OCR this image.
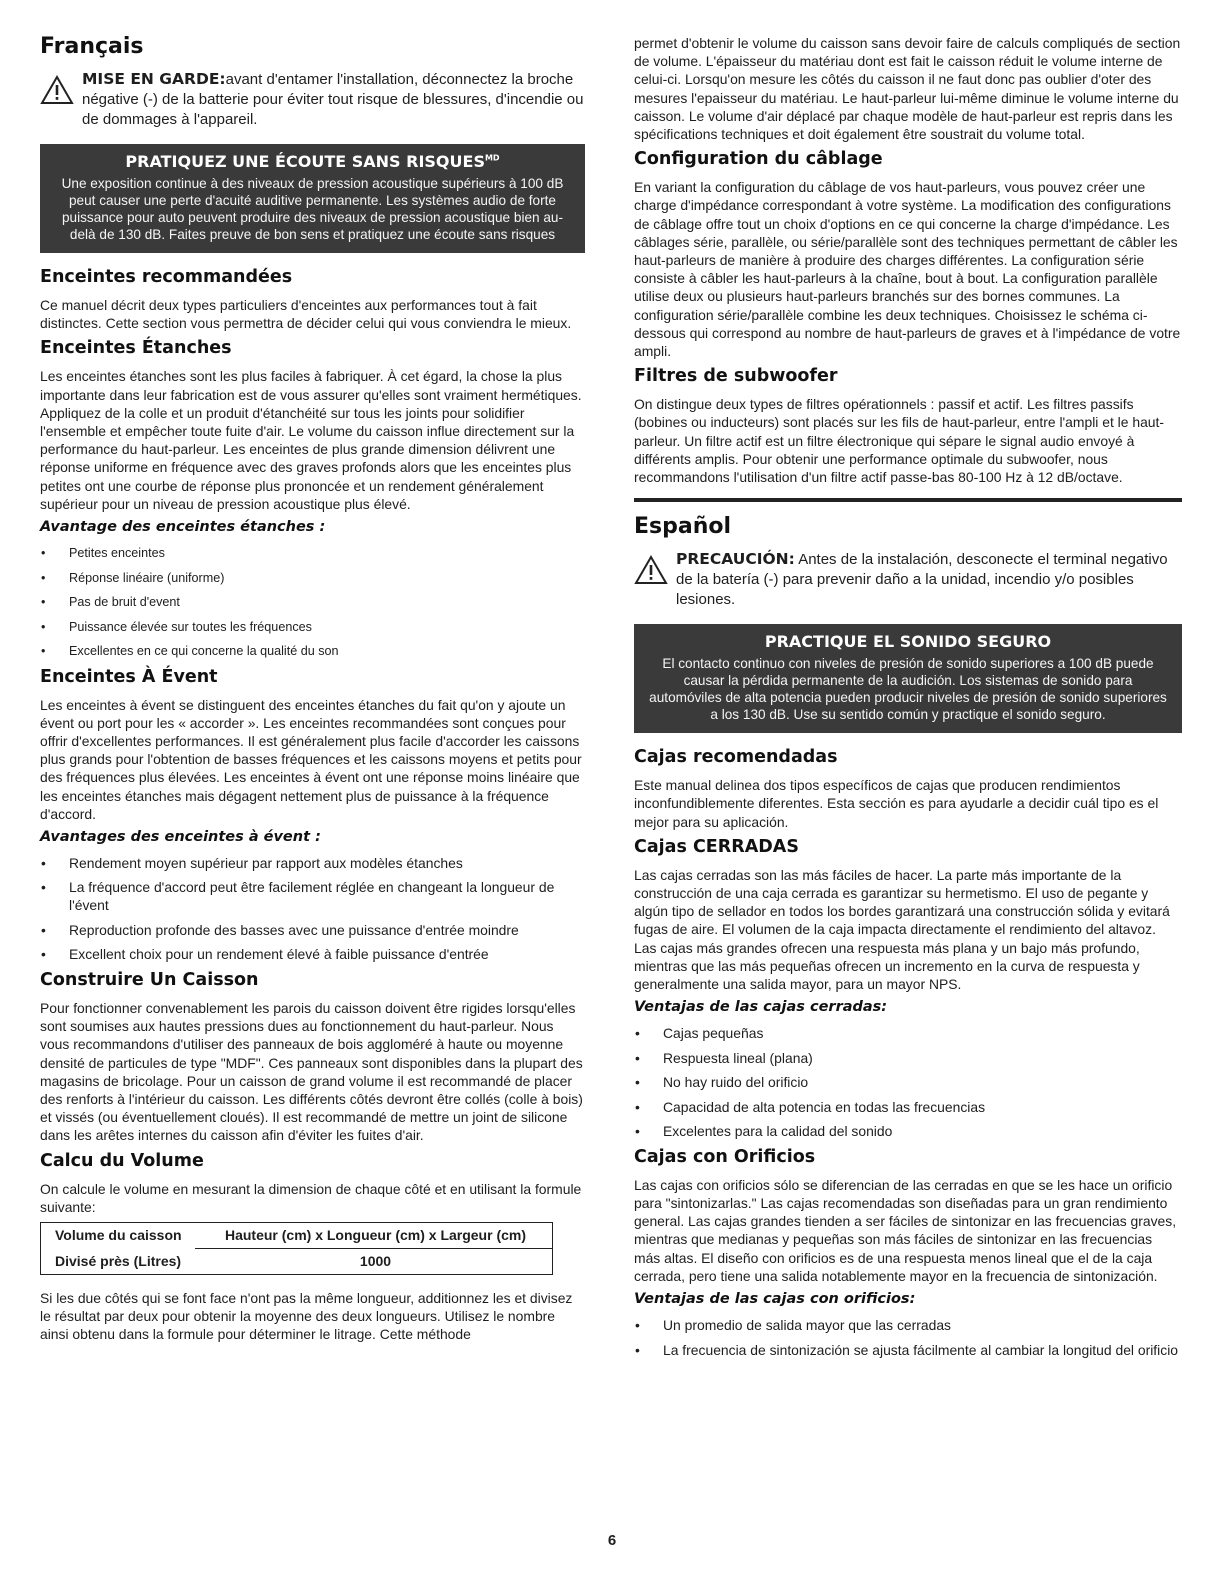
Français
MISE EN GARDE:avant d'entamer l'installation, déconnectez la broche négative (-) de la batterie pour éviter tout risque de blessures, d'incendie ou de dommages à l'appareil.
PRATIQUEZ UNE ÉCOUTE SANS $RISQUES^{MD}$
Une exposition continue à des niveaux de pression acoustique supérieurs à 100 dB peut causer une perte d'acuité auditive permanente. Les systèmes audio de forte puissance pour auto peuvent produire des niveaux de pression acoustique bien au-delà de 130 dB. Faites preuve de bon sens et pratiquez une écoute sans risques
Enceintes recommandées

Ce manuel décrit deux types particuliers d'enceintes aux performances tout à fait distinctes. Cette section vous permettra de décider celui qui vous conviendra le mieux.

Enceintes Étanches

Les enceintes étanches sont les plus faciles à fabriquer. À cet égard, la chose la plus importante dans leur fabrication est de vous assurer qu'elles sont vraiment hermétiques. Appliquez de la colle et un produit d'étanchéité sur tous les joints pour solidifier l'ensemble et empêcher toute fuite d'air. Le volume du caisson influe directement sur la performance du haut-parleur. Les enceintes de plus grande dimension délivrent une réponse uniforme en fréquence avec des graves profonds alors que les enceintes plus petites ont une courbe de réponse plus prononcée et un rendement généralement supérieur pour un niveau de pression acoustique plus élevé.

Avantage des enceintes étanches :
• Petites enceintes
• Réponse linéaire (uniforme)
• Pas de bruit d'event
• Puissance élevée sur toutes les fréquences
• Excellentes en ce qui concerne la qualité du son
Enceintes À Évent

Les enceintes à évent se distinguent des enceintes étanches du fait qu'on y ajoute un évent ou port pour les « accorder ». Les enceintes recommandées sont conçues pour offrir d'excellentes performances. Il est généralement plus facile d'accorder les caissons plus grands pour l'obtention de basses fréquences et les caissons moyens et petits pour des fréquences plus élevées. Les enceintes à évent ont une réponse moins linéaire que les enceintes étanches mais dégagent nettement plus de puissance à la fréquence d'accord.

Avantages des enceintes à évent :
• Rendement moyen supérieur par rapport aux modèles étanches
• La fréquence d'accord peut être facilement réglée en changeant la longueur de l'évent
• Reproduction profonde des basses avec une puissance d'entrée moindre
• Excellent choix pour un rendement élevé à faible puissance d'entrée
Construire Un Caisson

Pour fonctionner convenablement les parois du caisson doivent être rigides lorsqu'elles sont soumises aux hautes pressions dues au fonctionnement du haut-parleur. Nous vous recommandons d'utiliser des panneaux de bois aggloméré à haute ou moyenne densité de particules de type "MDF". Ces panneaux sont disponibles dans la plupart des magasins de bricolage. Pour un caisson de grand volume il est recommandé de placer des renforts à l'intérieur du caisson. Les différents côtés devront être collés (colle à bois) et vissés (ou éventuellement cloués). Il est recommandé de mettre un joint de silicone dans les arêtes internes du caisson afin d'éviter les fuites d'air.

Calcu du Volume

On calcule le volume en mesurant la dimension de chaque côté et en utilisant la formule suivante:

Volume du caisson	Hauteur (cm) x Longueur (cm) x Largeur (cm)
Divisé près (Litres)	1000

Si les due côtés qui se font face n'ont pas la même longueur, additionnez les et divisez le résultat par deux pour obtenir la moyenne des deux longueurs. Utilisez le nombre ainsi obtenu dans la formule pour déterminer le litrage. Cette méthode

permet d'obtenir le volume du caisson sans devoir faire de calculs compliqués de section de volume. L'épaisseur du matériau dont est fait le caisson réduit le volume interne de celui-ci. Lorsqu'on mesure les côtés du caisson il ne faut donc pas oublier d'oter des mesures l'epaisseur du matériau. Le haut-parleur lui-même diminue le volume interne du caisson. Le volume d'air déplacé par chaque modèle de haut-parleur est repris dans les spécifications techniques et doit également être soustrait du volume total.

Configuration du câblage

En variant la configuration du câblage de vos haut-parleurs, vous pouvez créer une charge d'impédance correspondant à votre système. La modification des configurations de câblage offre tout un choix d'options en ce qui concerne la charge d'impédance. Les câblages série, parallèle, ou série/parallèle sont des techniques permettant de câbler les haut-parleurs de manière à produire des charges différentes. La configuration série consiste à câbler les haut-parleurs à la chaîne, bout à bout. La configuration parallèle utilise deux ou plusieurs haut-parleurs branchés sur des bornes communes. La configuration série/parallèle combine les deux techniques. Choisissez le schéma ci-dessous qui correspond au nombre de haut-parleurs de graves et à l'impédance de votre ampli.

Filtres de subwoofer

On distingue deux types de filtres opérationnels : passif et actif. Les filtres passifs (bobines ou inducteurs) sont placés sur les fils de haut-parleur, entre l'ampli et le haut-parleur. Un filtre actif est un filtre électronique qui sépare le signal audio envoyé à différents amplis. Pour obtenir une performance optimale du subwoofer, nous recommandons l'utilisation d'un filtre actif passe-bas 80-100 Hz à 12 dB/octave.

Español
PRECAUCIÓN: Antes de la instalación, desconecte el terminal negativo de la batería (-) para prevenir daño a la unidad, incendio y/o posibles lesiones.
PRACTIQUE EL SONIDO SEGURO
El contacto continuo con niveles de presión de sonido superiores a 100 dB puede causar la pérdida permanente de la audición. Los sistemas de sonido para automóviles de alta potencia pueden producir niveles de presión de sonido superiores a los 130 dB. Use su sentido común y practique el sonido seguro.
Cajas recomendadas

Este manual delinea dos tipos específicos de cajas que producen rendimientos inconfundiblemente diferentes. Esta sección es para ayudarle a decidir cuál tipo es el mejor para su aplicación.

Cajas CERRADAS

Las cajas cerradas son las más fáciles de hacer. La parte más importante de la construcción de una caja cerrada es garantizar su hermetismo. El uso de pegante y algún tipo de sellador en todos los bordes garantizará una construcción sólida y evitará fugas de aire. El volumen de la caja impacta directamente el rendimiento del altavoz. Las cajas más grandes ofrecen una respuesta más plana y un bajo más profundo, mientras que las más pequeñas ofrecen un incremento en la curva de respuesta y generalmente una salida mayor, para un mayor NPS.

Ventajas de las cajas cerradas:
• Cajas pequeñas
• Respuesta lineal (plana)
• No hay ruido del orificio
• Capacidad de alta potencia en todas las frecuencias
• Excelentes para la calidad del sonido
Cajas con Orificios

Las cajas con orificios sólo se diferencian de las cerradas en que se les hace un orificio para "sintonizarlas." Las cajas recomendadas son diseñadas para un gran rendimiento general. Las cajas grandes tienden a ser fáciles de sintonizar en las frecuencias graves, mientras que medianas y pequeñas son más fáciles de sintonizar en las frecuencias más altas. El diseño con orificios es de una respuesta menos lineal que el de la caja cerrada, pero tiene una salida notablemente mayor en la frecuencia de sintonización.

Ventajas de las cajas con orificios:
• Un promedio de salida mayor que las cerradas
• La frecuencia de sintonización se ajusta fácilmente al cambiar la longitud del orificio
6
